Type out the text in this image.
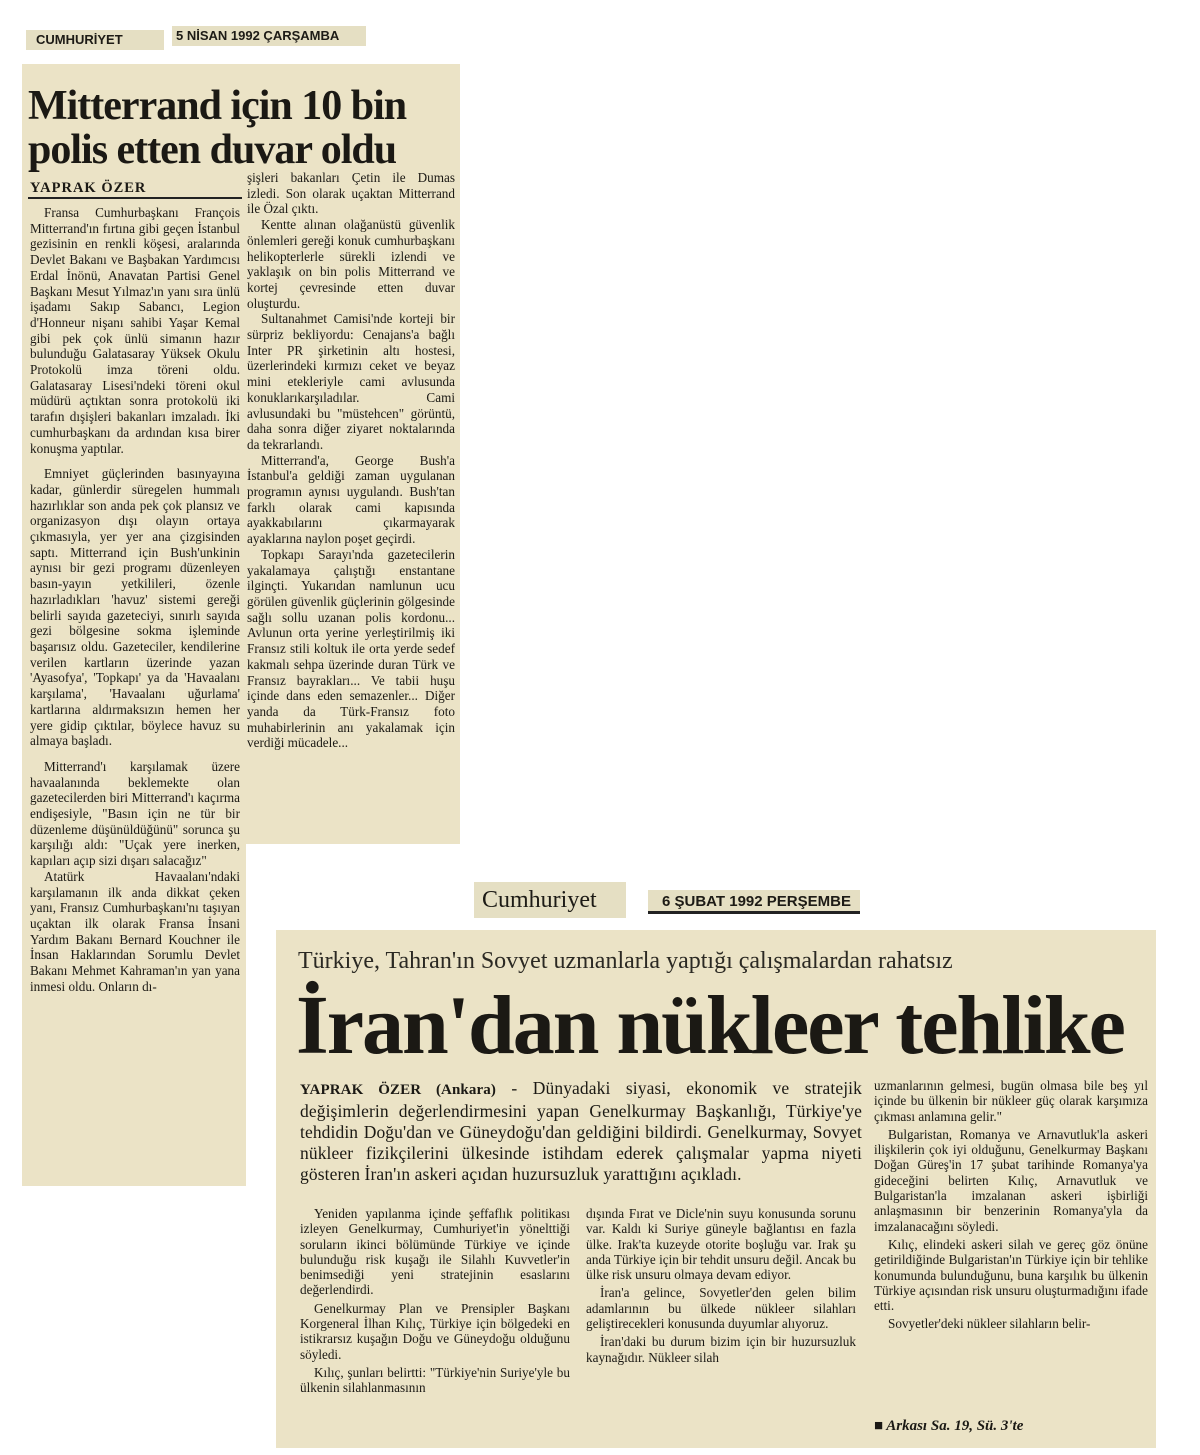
CUMHURİYET	5 NİSAN 1992 ÇARŞAMBA
Mitterrand için 10 bin
polis etten duvar oldu
YAPRAK ÖZER

Fransa Cumhurbaşkanı François Mitterrand'ın fırtına gibi geçen İstanbul gezisinin en renkli köşesi, aralarında Devlet Bakanı ve Başbakan Yardımcısı Erdal İnönü, Anavatan Partisi Genel Başkanı Mesut Yılmaz'ın yanı sıra ünlü işadamı Sakıp Sabancı, Legion d'Honneur nişanı sahibi Yaşar Kemal gibi pek çok ünlü simanın hazır bulunduğu Galatasaray Yüksek Okulu Protokolü imza töreni oldu. Galatasaray Lisesi'ndeki töreni okul müdürü açtıktan sonra protokolü iki tarafın dışişleri bakanları imzaladı. İki cumhurbaşkanı da ardından kısa birer konuşma yaptılar.

Emniyet güçlerinden basınyayına kadar, günlerdir süregelen hummalı hazırlıklar son anda pek çok plansız ve organizasyon dışı olayın ortaya çıkmasıyla, yer yer ana çizgisinden saptı. Mitterrand için Bush'unkinin aynısı bir gezi programı düzenleyen basın-yayın yetkilileri, özenle hazırladıkları 'havuz' sistemi gereği belirli sayıda gazeteciyi, sınırlı sayıda gezi bölgesine sokma işleminde başarısız oldu. Gazeteciler, kendilerine verilen kartların üzerinde yazan 'Ayasofya', 'Topkapı' ya da 'Havaalanı karşılama', 'Havaalanı uğurlama' kartlarına aldırmaksızın hemen her yere gidip çıktılar, böylece havuz su almaya başladı.

Mitterrand'ı karşılamak üzere havaalanında beklemekte olan gazetecilerden biri Mitterrand'ı kaçırma endişesiyle, "Basın için ne tür bir düzenleme düşünüldüğünü" sorunca şu karşılığı aldı: "Uçak yere inerken, kapıları açıp sizi dışarı salacağız"

Atatürk Havaalanı'ndaki karşılamanın ilk anda dikkat çeken yanı, Fransız Cumhurbaşkanı'nı taşıyan uçaktan ilk olarak Fransa İnsani Yardım Bakanı Bernard Kouchner ile İnsan Haklarından Sorumlu Devlet Bakanı Mehmet Kahraman'ın yan yana inmesi oldu. Onların dı-

şişleri bakanları Çetin ile Dumas izledi. Son olarak uçaktan Mitterrand ile Özal çıktı.

Kentte alınan olağanüstü güvenlik önlemleri gereği konuk cumhurbaşkanı helikopterlerle sürekli izlendi ve yaklaşık on bin polis Mitterrand ve kortej çevresinde etten duvar oluşturdu.

Sultanahmet Camisi'nde korteji bir sürpriz bekliyordu: Cenajans'a bağlı Inter PR şirketinin altı hostesi, üzerlerindeki kırmızı ceket ve beyaz mini etekleriyle cami avlusunda konuklarıkarşıladılar. Cami avlusundaki bu "müstehcen" görüntü, daha sonra diğer ziyaret noktalarında da tekrarlandı.

Mitterrand'a, George Bush'a İstanbul'a geldiği zaman uygulanan programın aynısı uygulandı. Bush'tan farklı olarak cami kapısında ayakkabılarını çıkarmayarak ayaklarına naylon poşet geçirdi.

Topkapı Sarayı'nda gazetecilerin yakalamaya çalıştığı enstantane ilginçti. Yukarıdan namlunun ucu görülen güvenlik güçlerinin gölgesinde sağlı sollu uzanan polis kordonu... Avlunun orta yerine yerleştirilmiş iki Fransız stili koltuk ile orta yerde sedef kakmalı sehpa üzerinde duran Türk ve Fransız bayrakları... Ve tabii huşu içinde dans eden semazenler... Diğer yanda da Türk-Fransız foto muhabirlerinin anı yakalamak için verdiği mücadele...

Cumhuriyet	6 ŞUBAT 1992 PERŞEMBE
Türkiye, Tahran'ın Sovyet uzmanlarla yaptığı çalışmalardan rahatsız
İran'dan nükleer tehlike
YAPRAK ÖZER (Ankara) - Dünyadaki siyasi, ekonomik ve stratejik değişimlerin değerlendirmesini yapan Genelkurmay Başkanlığı, Türkiye'ye tehdidin Doğu'dan ve Güneydoğu'dan geldiğini bildirdi. Genelkurmay, Sovyet nükleer fizikçilerini ülkesinde istihdam ederek çalışmalar yapma niyeti gösteren İran'ın askeri açıdan huzursuzluk yarattığını açıkladı.

Yeniden yapılanma içinde şeffaflık politikası izleyen Genelkurmay, Cumhuriyet'in yönelttiği soruların ikinci bölümünde Türkiye ve içinde bulunduğu risk kuşağı ile Silahlı Kuvvetler'in benimsediği yeni stratejinin esaslarını değerlendirdi.

Genelkurmay Plan ve Prensipler Başkanı Korgeneral İlhan Kılıç, Türkiye için bölgedeki en istikrarsız kuşağın Doğu ve Güneydoğu olduğunu söyledi.

Kılıç, şunları belirtti: "Türkiye'nin Suriye'yle bu ülkenin silahlanmasının

dışında Fırat ve Dicle'nin suyu konusunda sorunu var. Kaldı ki Suriye güneyle bağlantısı en fazla ülke. Irak'ta kuzeyde otorite boşluğu var. Irak şu anda Türkiye için bir tehdit unsuru değil. Ancak bu ülke risk unsuru olmaya devam ediyor.

İran'a gelince, Sovyetler'den gelen bilim adamlarının bu ülkede nükleer silahları geliştirecekleri konusunda duyumlar alıyoruz.

İran'daki bu durum bizim için bir huzursuzluk kaynağıdır. Nükleer silah

uzmanlarının gelmesi, bugün olmasa bile beş yıl içinde bu ülkenin bir nükleer güç olarak karşımıza çıkması anlamına gelir."

Bulgaristan, Romanya ve Arnavutluk'la askeri ilişkilerin çok iyi olduğunu, Genelkurmay Başkanı Doğan Güreş'in 17 şubat tarihinde Romanya'ya gideceğini belirten Kılıç, Arnavutluk ve Bulgaristan'la imzalanan askeri işbirliği anlaşmasının bir benzerinin Romanya'yla da imzalanacağını söyledi.

Kılıç, elindeki askeri silah ve gereç göz önüne getirildiğinde Bulgaristan'ın Türkiye için bir tehlike konumunda bulunduğunu, buna karşılık bu ülkenin Türkiye açısından risk unsuru oluşturmadığını ifade etti.

Sovyetler'deki nükleer silahların belir-

■ Arkası Sa. 19, Sü. 3'te
